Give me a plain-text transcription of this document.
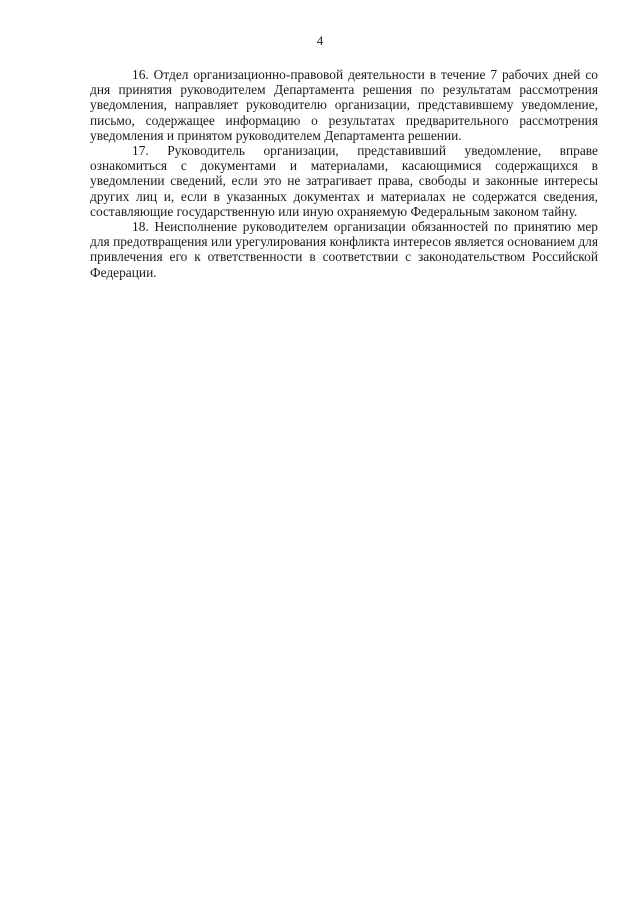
4

16. Отдел организационно-правовой деятельности в течение 7 рабочих дней со дня принятия руководителем Департамента решения по результатам рассмотрения уведомления, направляет руководителю организации, представившему уведомление, письмо, содержащее информацию о результатах предварительного рассмотрения уведомления и принятом руководителем Департамента решении.

17. Руководитель организации, представивший уведомление, вправе ознакомиться с документами и материалами, касающимися содержащихся в уведомлении сведений, если это не затрагивает права, свободы и законные интересы других лиц и, если в указанных документах и материалах не содержатся сведения, составляющие государственную или иную охраняемую Федеральным законом тайну.

18. Неисполнение руководителем организации обязанностей по принятию мер для предотвращения или урегулирования конфликта интересов является основанием для привлечения его к ответственности в соответствии с законодательством Российской Федерации.
